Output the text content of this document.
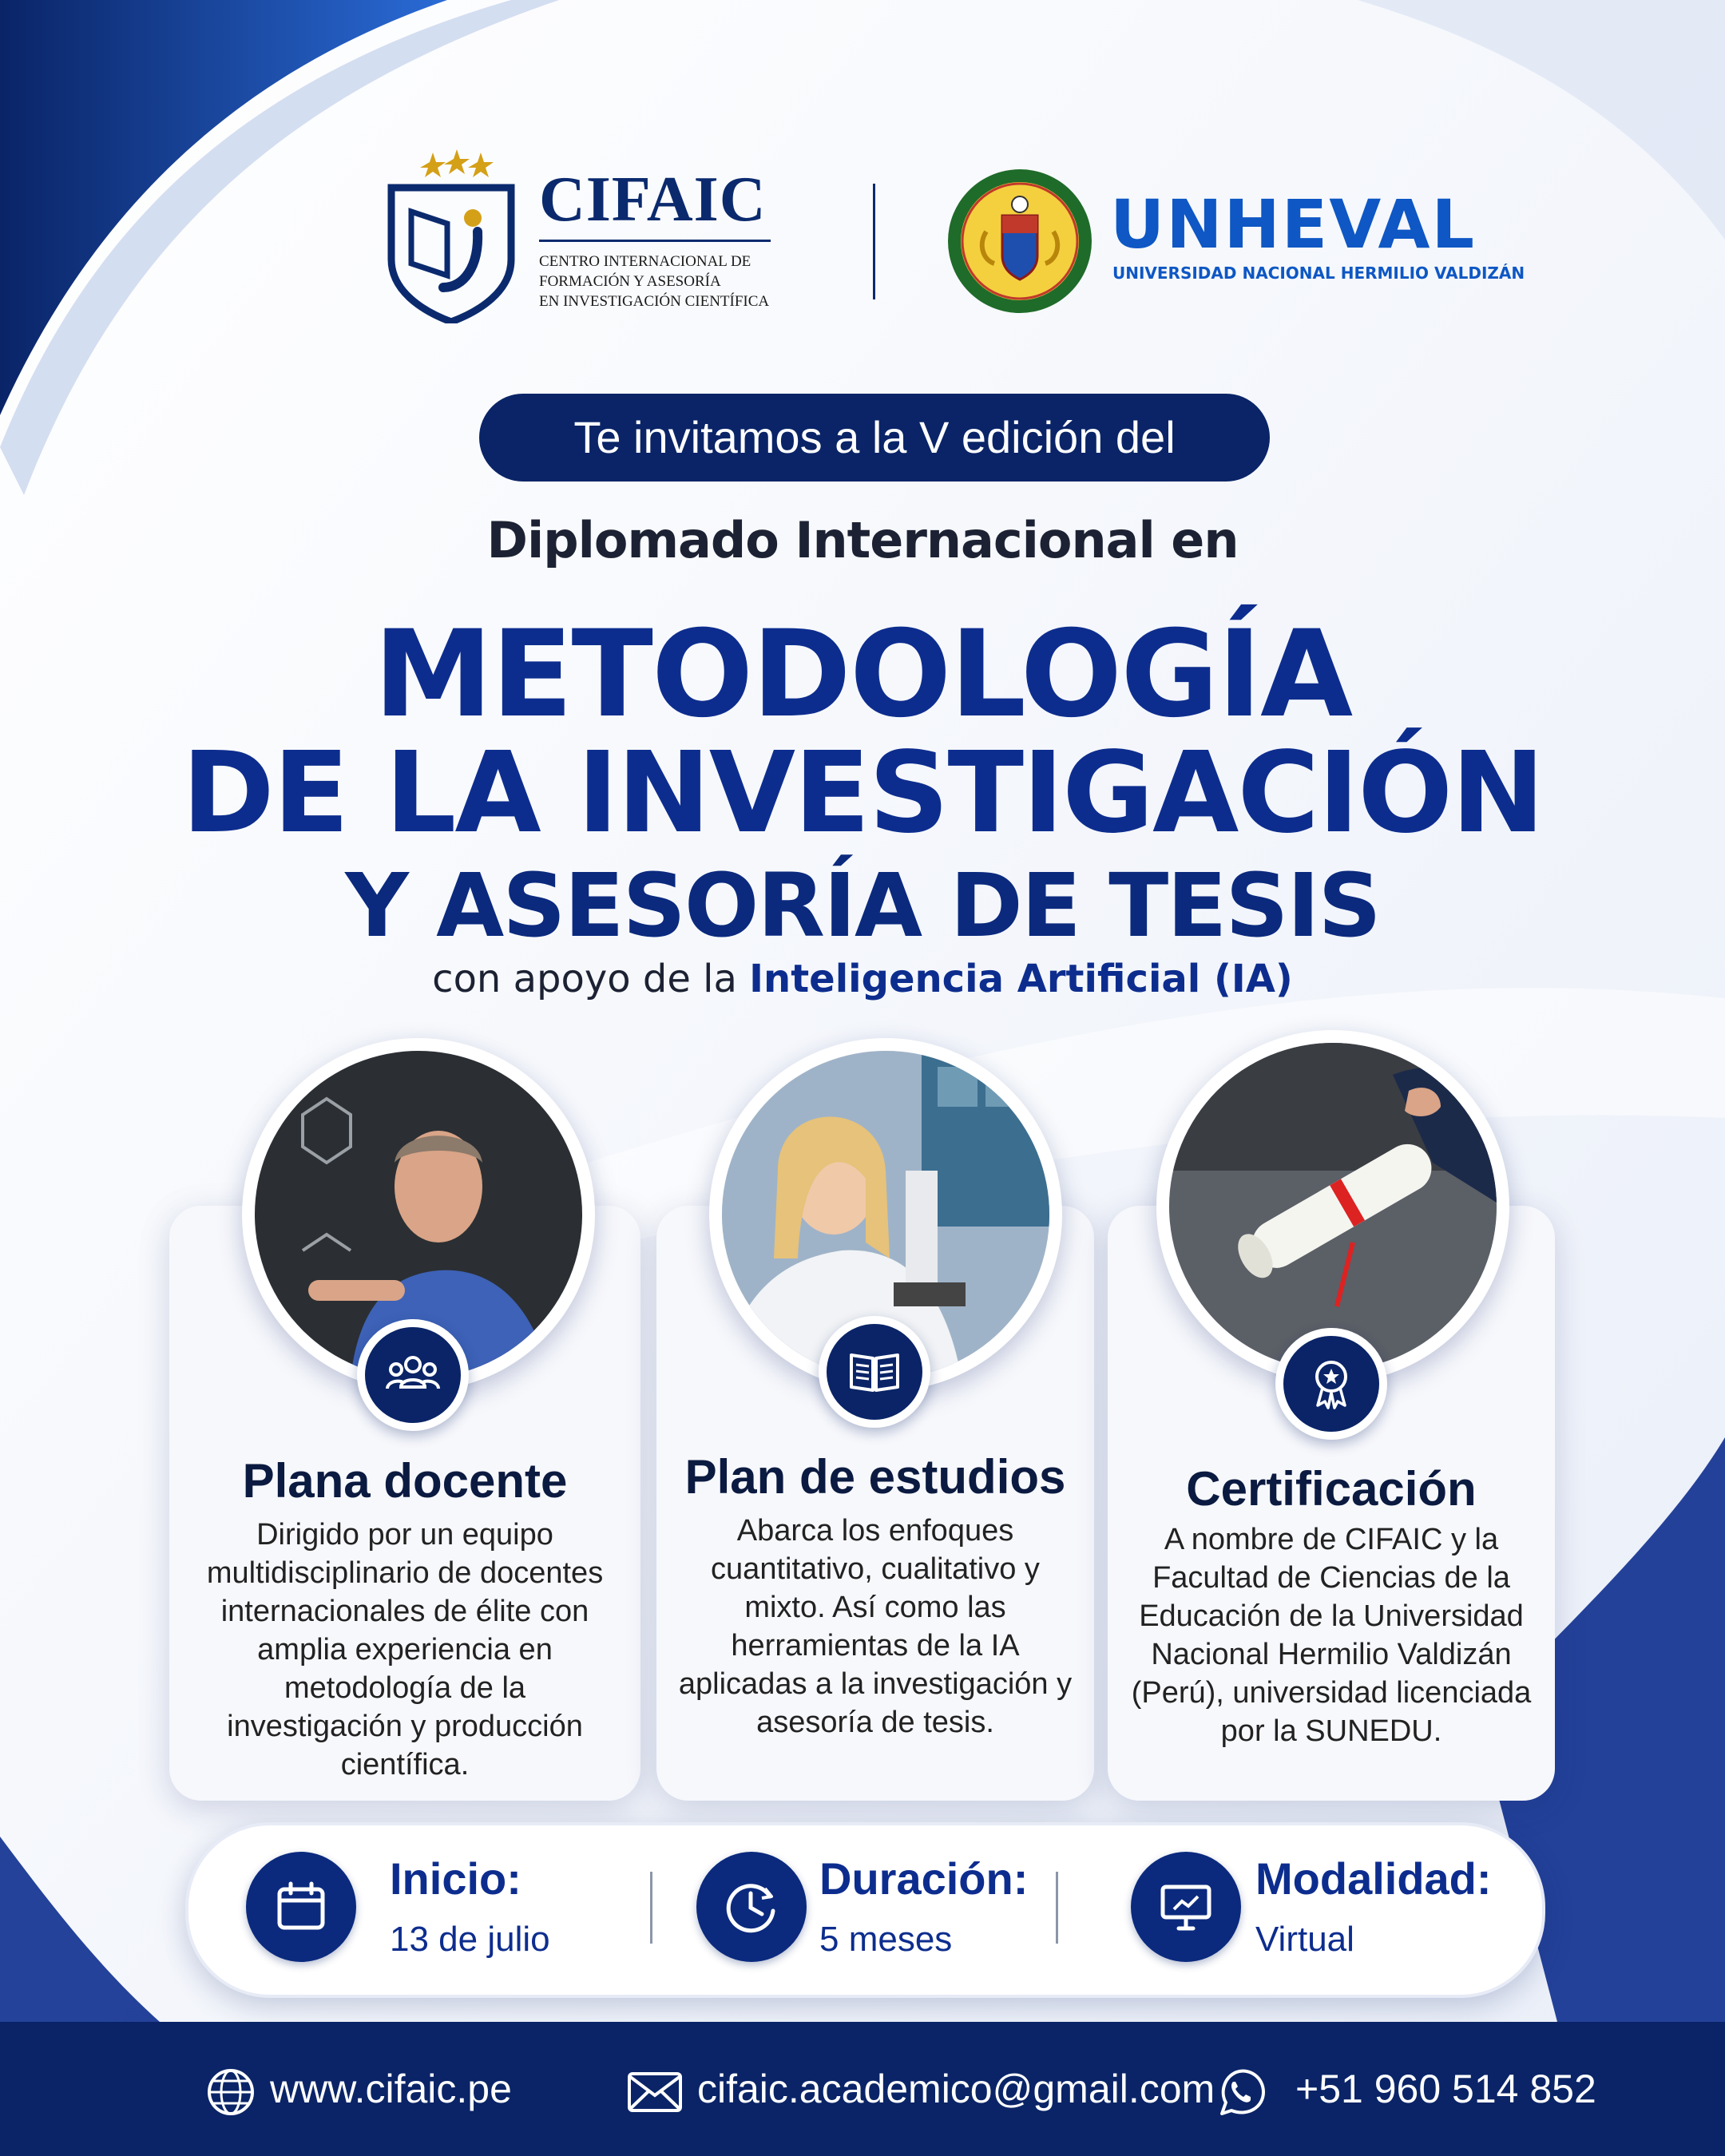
CIFAIC
CENTRO INTERNACIONAL DE
FORMACIÓN Y ASESORÍA
EN INVESTIGACIÓN CIENTÍFICA
UNHEVAL
UNIVERSIDAD NACIONAL HERMILIO VALDIZÁN
Te invitamos a la V edición del
Diplomado Internacional en
METODOLOGÍA
DE LA INVESTIGACIÓN
Y ASESORÍA DE TESIS
con apoyo de la Inteligencia Artificial (IA)
Plana docente
Dirigido por un equipo multidisciplinario de docentes internacionales de élite con amplia experiencia en metodología de la investigación y producción científica.
Plan de estudios
Abarca los enfoques cuantitativo, cualitativo y mixto. Así como las herramientas de la IA aplicadas a la investigación y asesoría de tesis.
Certificación
A nombre de CIFAIC y la Facultad de Ciencias de la Educación de la Universidad Nacional Hermilio Valdizán (Perú), universidad licenciada por la SUNEDU.
Inicio:
13 de julio
Duración:
5 meses
Modalidad:
Virtual
www.cifaic.pe	cifaic.academico@gmail.com	+51 960 514 852
